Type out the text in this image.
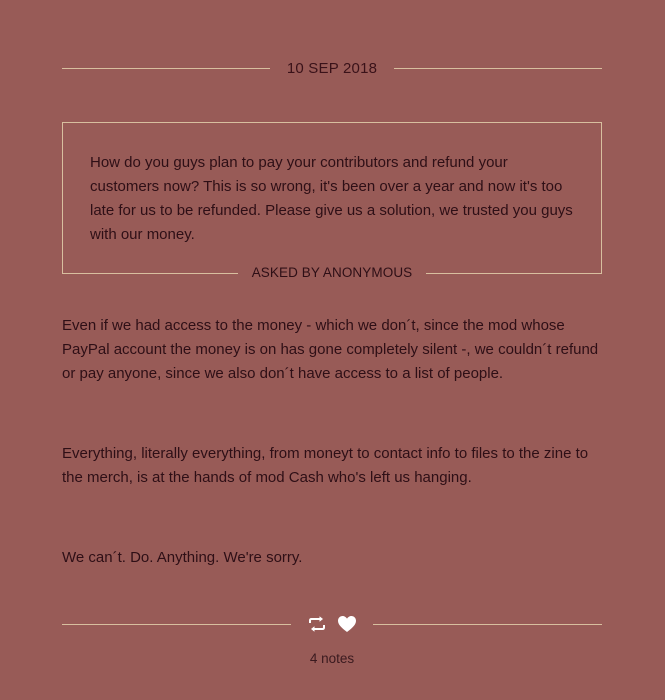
10 SEP 2018
How do you guys plan to pay your contributors and refund your customers now? This is so wrong, it's been over a year and now it's too late for us to be refunded. Please give us a solution, we trusted you guys with our money.
ASKED BY ANONYMOUS

Even if we had access to the money - which we don´t, since the mod whose PayPal account the money is on has gone completely silent -, we couldn´t refund or pay anyone, since we also don´t have access to a list of people.

Everything, literally everything, from moneyt to contact info to files to the zine to the merch, is at the hands of mod Cash who's left us hanging.

We can´t. Do. Anything. We're sorry.

4 notes
